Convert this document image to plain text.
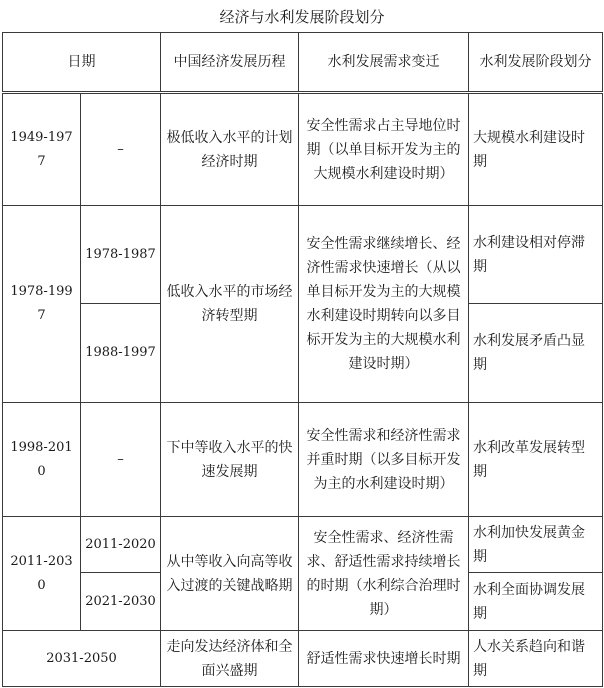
经济与水利发展阶段划分
日期		中国经济发展历程	水利发展需求变迁	水利发展阶段划分
1949-1977	–	极低收入水平的计划经济时期	安全性需求占主导地位时期（以单目标开发为主的大规模水利建设时期）	大规模水利建设时期
1978-1997	1978-1987	低收入水平的市场经济转型期	安全性需求继续增长、经济性需求快速增长（从以单目标开发为主的大规模水利建设时期转向以多目标开发为主的大规模水利建设时期）	水利建设相对停滞期
	1988-1997			水利发展矛盾凸显期
1998-2010	–	下中等收入水平的快速发展期	安全性需求和经济性需求并重时期（以多目标开发为主的水利建设时期）	水利改革发展转型期
2011-2030	2011-2020	从中等收入向高等收入过渡的关键战略期	安全性需求、经济性需求、舒适性需求持续增长的时期（水利综合治理时期）	水利加快发展黄金期
	2021-2030			水利全面协调发展期
2031-2050		走向发达经济体和全面兴盛期	舒适性需求快速增长时期	人水关系趋向和谐期
